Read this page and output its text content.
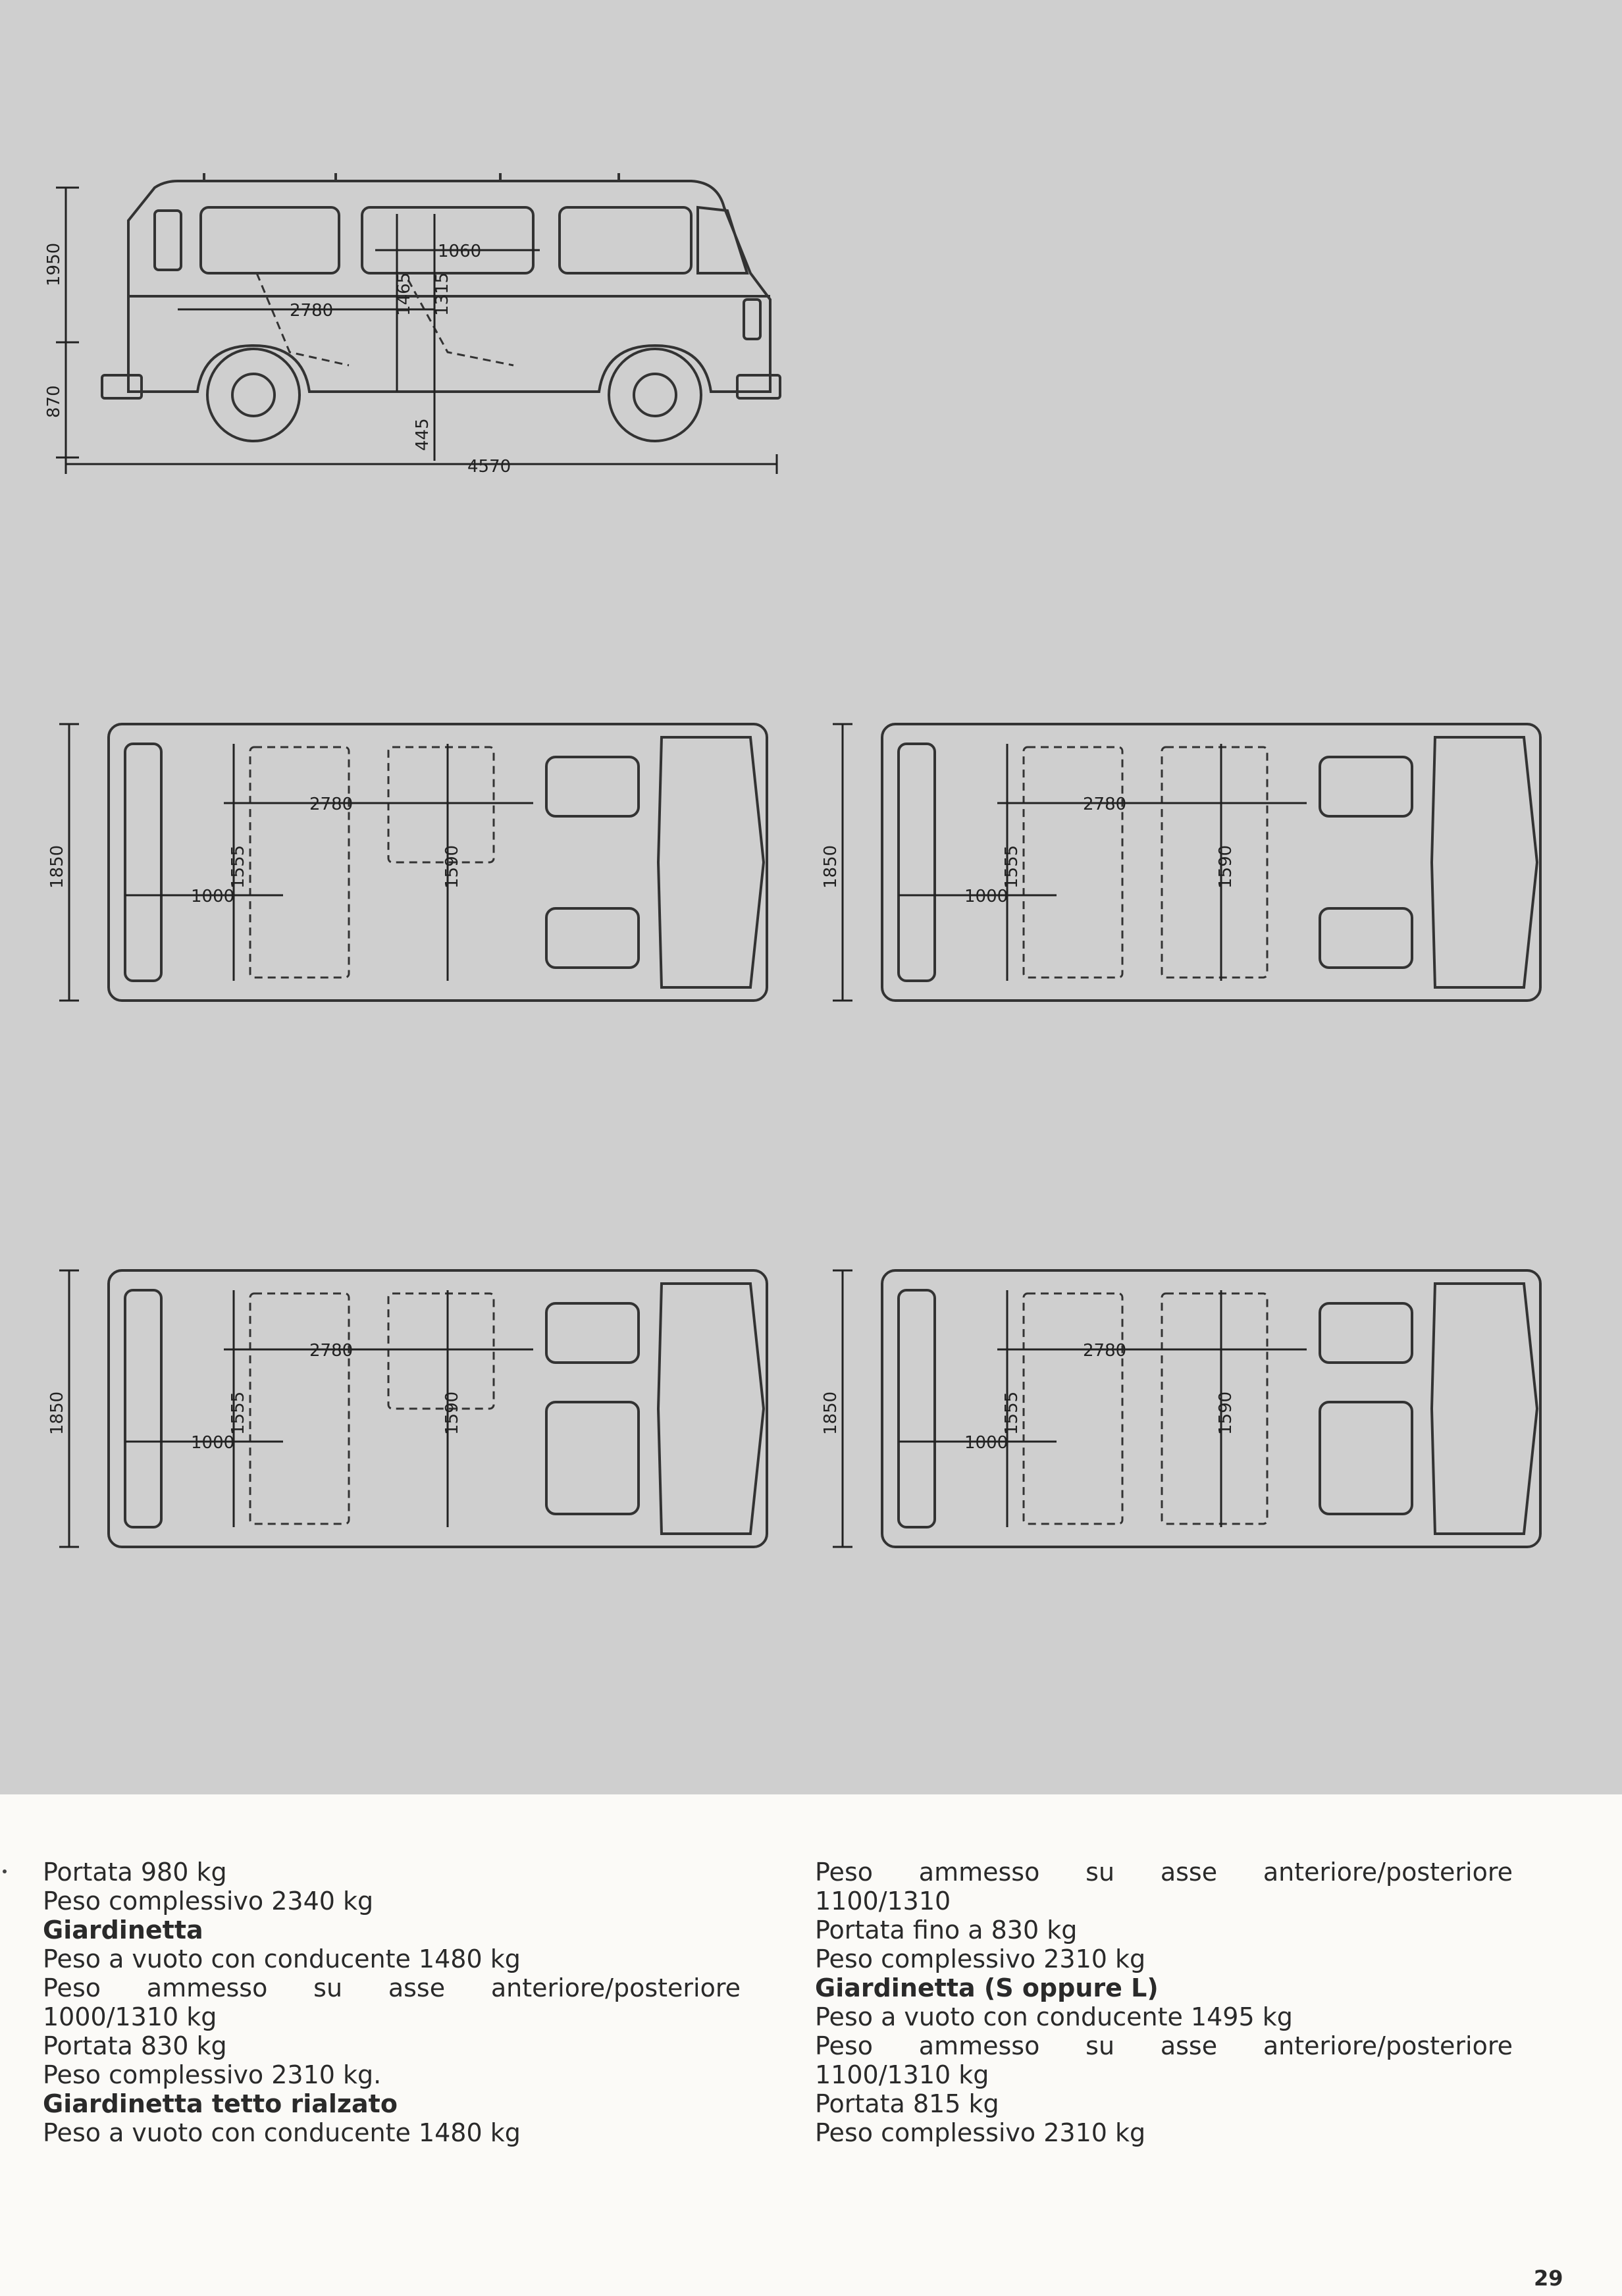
1950
870
1060
2780	1465 1315
445
4570
1850	1555	1590
2780
1000
1850	1555	1590
2780
1000
1850	1555	1590
2780
1000
1850	1555	1590
2780
1000

Portata 980 kg

Peso complessivo 2340 kg

Giardinetta

Peso a vuoto con conducente 1480 kg

Peso ammesso su asse anteriore/posteriore

1000/1310 kg

Portata 830 kg

Peso complessivo 2310 kg.

Giardinetta tetto rialzato

Peso a vuoto con conducente 1480 kg

Peso ammesso su asse anteriore/posteriore

1100/1310

Portata fino a 830 kg

Peso complessivo 2310 kg

Giardinetta (S oppure L)

Peso a vuoto con conducente 1495 kg

Peso ammesso su asse anteriore/posteriore

1100/1310 kg

Portata 815 kg

Peso complessivo 2310 kg

29
